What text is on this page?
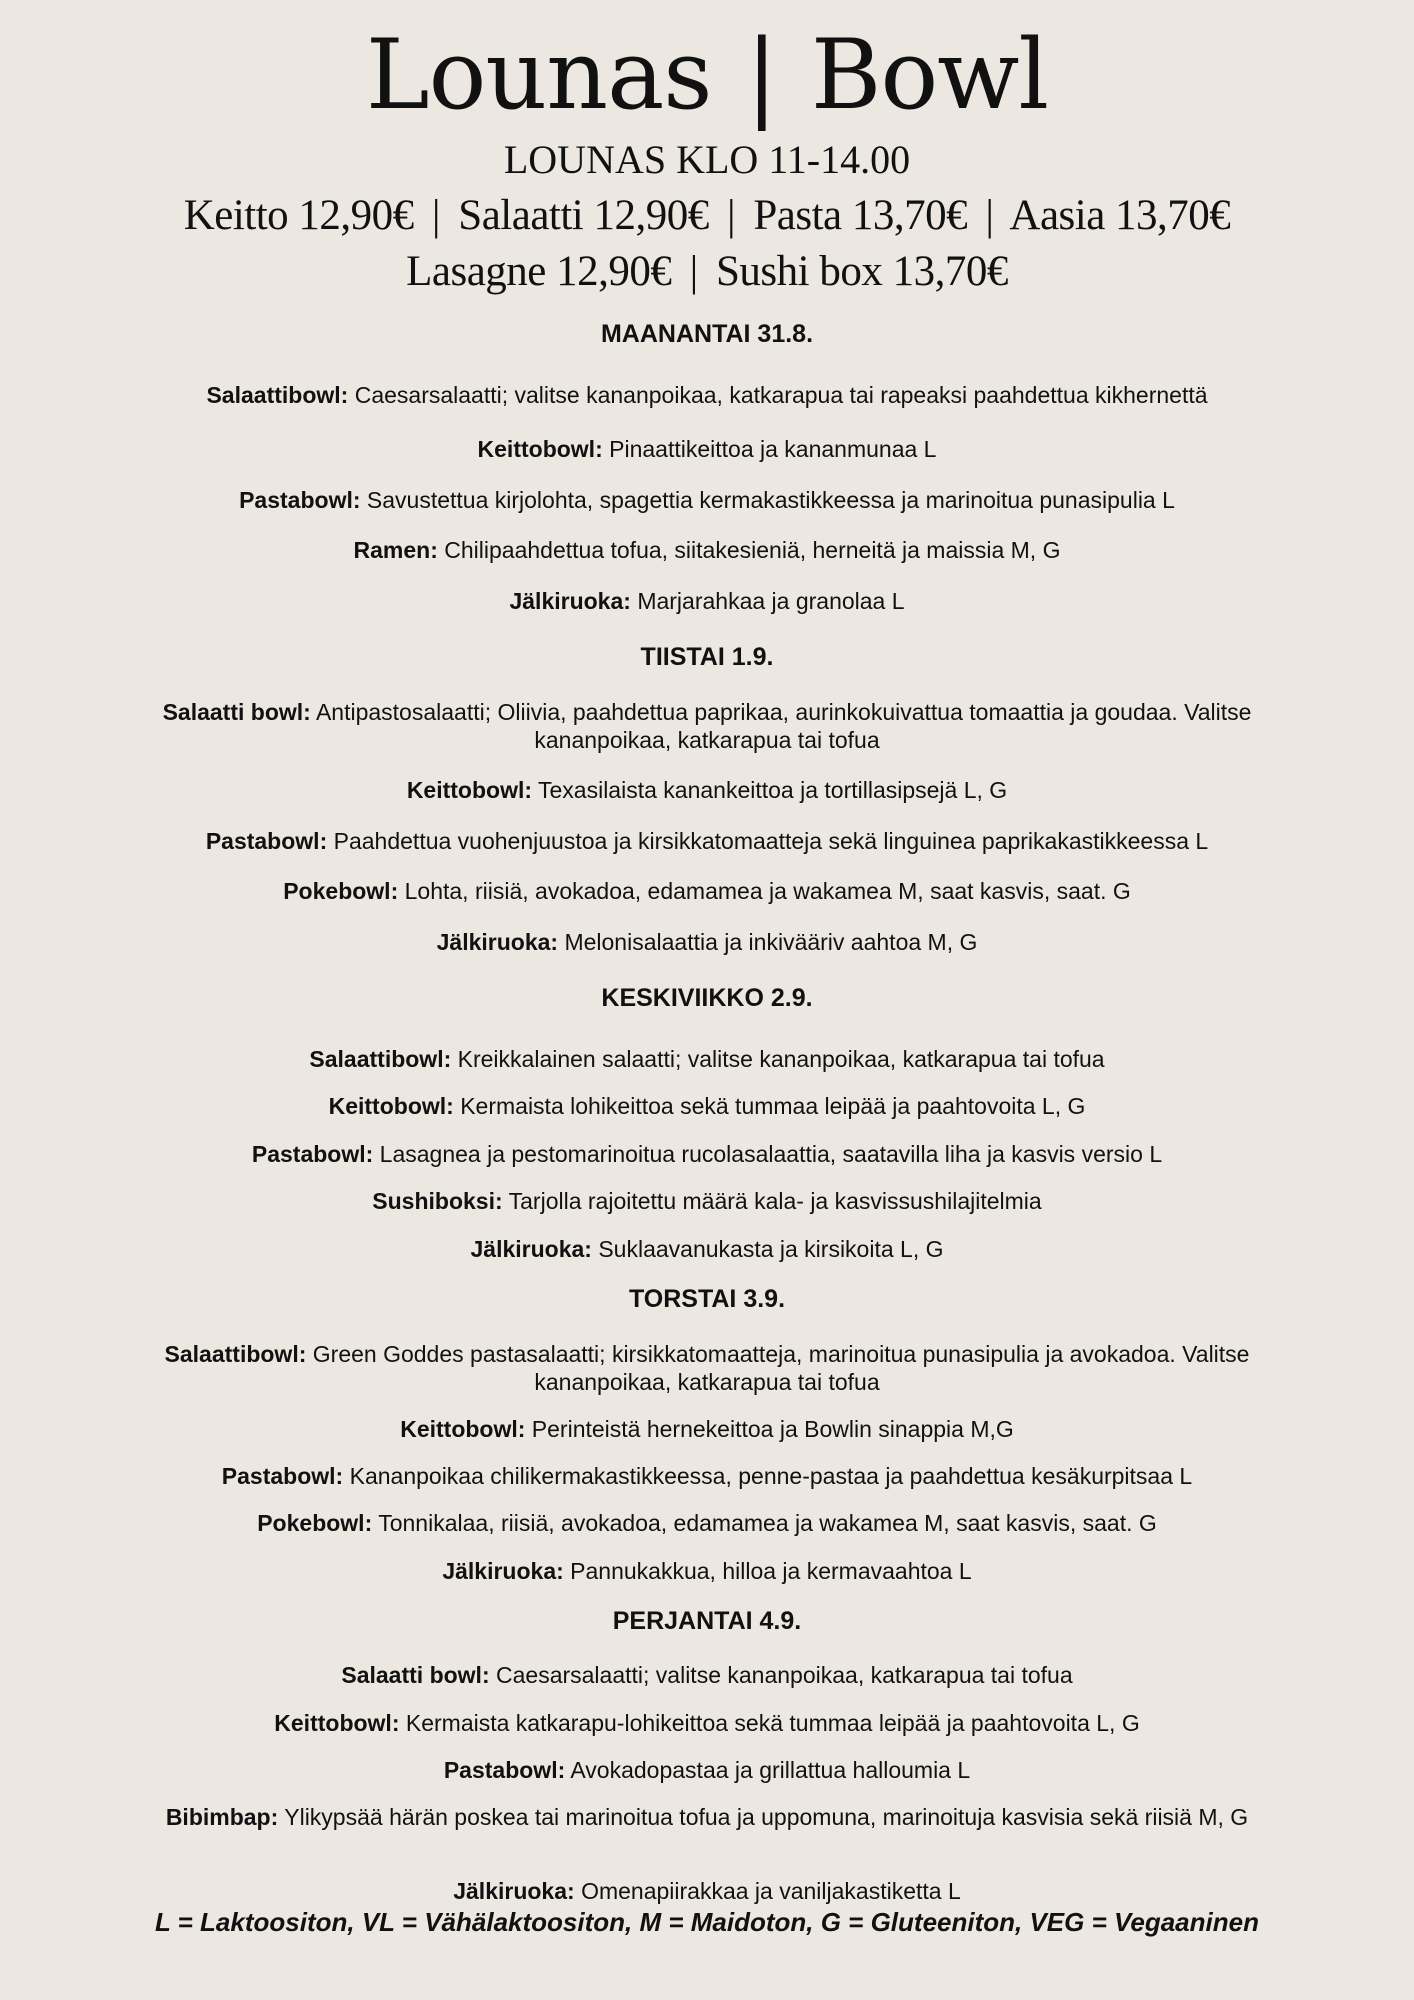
Lounas | Bowl
LOUNAS KLO 11-14.00
Keitto 12,90€ | Salaatti 12,90€ | Pasta 13,70€ | Aasia 13,70€
Lasagne 12,90€ | Sushi box 13,70€
MAANANTAI 31.8.
Salaattibowl: Caesarsalaatti; valitse kananpoikaa, katkarapua tai rapeaksi paahdettua kikhernettä
Keittobowl: Pinaattikeittoa ja kananmunaa L
Pastabowl: Savustettua kirjolohta, spagettia kermakastikkeessa ja marinoitua punasipulia L
Ramen: Chilipaahdettua tofua, siitakesieniä, herneitä ja maissia M, G
Jälkiruoka: Marjarahkaa ja granolaa L
TIISTAI 1.9.
Salaatti bowl: Antipastosalaatti; Oliivia, paahdettua paprikaa, aurinkokuivattua tomaattia ja goudaa. Valitse kananpoikaa, katkarapua tai tofua
Keittobowl: Texasilaista kanankeittoa ja tortillasipsejä L, G
Pastabowl: Paahdettua vuohenjuustoa ja kirsikkatomaatteja sekä linguinea paprikakastikkeessa L
Pokebowl: Lohta, riisiä, avokadoa, edamamea ja wakamea M, saat kasvis, saat. G
Jälkiruoka: Melonisalaattia ja inkivääriv aahtoa M, G
KESKIVIIKKO 2.9.
Salaattibowl: Kreikkalainen salaatti; valitse kananpoikaa, katkarapua tai tofua
Keittobowl: Kermaista lohikeittoa sekä tummaa leipää ja paahtovoita L, G
Pastabowl: Lasagnea ja pestomarinoitua rucolasalaattia, saatavilla liha ja kasvis versio L
Sushiboksi: Tarjolla rajoitettu määrä kala- ja kasvissushilajitelmia
Jälkiruoka: Suklaavanukasta ja kirsikoita L, G
TORSTAI 3.9.
Salaattibowl: Green Goddes pastasalaatti; kirsikkatomaatteja, marinoitua punasipulia ja avokadoa. Valitse kananpoikaa, katkarapua tai tofua
Keittobowl: Perinteistä hernekeittoa ja Bowlin sinappia M,G
Pastabowl: Kananpoikaa chilikermakastikkeessa, penne-pastaa ja paahdettua kesäkurpitsaa L
Pokebowl: Tonnikalaa, riisiä, avokadoa, edamamea ja wakamea M, saat kasvis, saat. G
Jälkiruoka: Pannukakkua, hilloa ja kermavaahtoa L
PERJANTAI 4.9.
Salaatti bowl: Caesarsalaatti; valitse kananpoikaa, katkarapua tai tofua
Keittobowl: Kermaista katkarapu-lohikeittoa sekä tummaa leipää ja paahtovoita L, G
Pastabowl: Avokadopastaa ja grillattua halloumia L
Bibimbap: Ylikypsää härän poskea tai marinoitua tofua ja uppomuna, marinoituja kasvisia sekä riisiä M, G
Jälkiruoka: Omenapiirakkaa ja vaniljakastiketta L
L = Laktoositon, VL = Vähälaktoositon, M = Maidoton, G = Gluteeniton, VEG = Vegaaninen
